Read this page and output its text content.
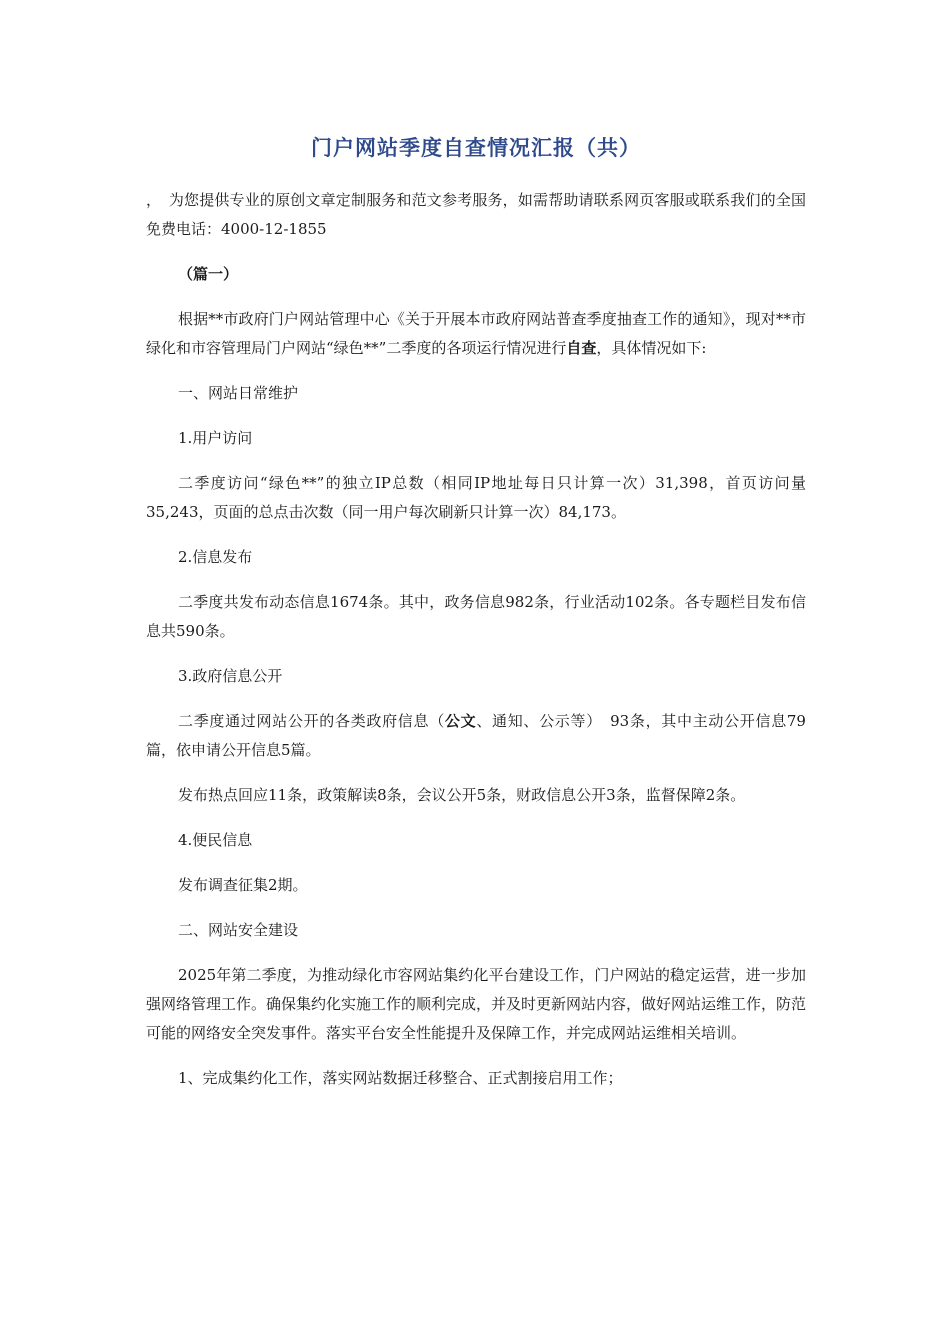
门户网站季度自查情况汇报（共）

，　为您提供专业的原创文章定制服务和范文参考服务，如需帮助请联系网页客服或联系我们的全国免费电话：4000-12-1855

（篇一）

根据**市政府门户网站管理中心《关于开展本市政府网站普查季度抽查工作的通知》，现对**市绿化和市容管理局门户网站“绿色**”二季度的各项运行情况进行自查，具体情况如下:

一、网站日常维护

1.用户访问

二季度访问“绿色**”的独立IP总数（相同IP地址每日只计算一次）31,398，首页访问量35,243，页面的总点击次数（同一用户每次刷新只计算一次）84,173。

2.信息发布

二季度共发布动态信息1674条。其中，政务信息982条，行业活动102条。各专题栏目发布信息共590条。

3.政府信息公开

二季度通过网站公开的各类政府信息（公文、通知、公示等）　93条，其中主动公开信息79篇，依申请公开信息5篇。

发布热点回应11条，政策解读8条，会议公开5条，财政信息公开3条，监督保障2条。

4.便民信息

发布调查征集2期。

二、网站安全建设

2025年第二季度，为推动绿化市容网站集约化平台建设工作，门户网站的稳定运营，进一步加强网络管理工作。确保集约化实施工作的顺利完成，并及时更新网站内容，做好网站运维工作，防范可能的网络安全突发事件。落实平台安全性能提升及保障工作，并完成网站运维相关培训。

1、完成集约化工作，落实网站数据迁移整合、正式割接启用工作；
